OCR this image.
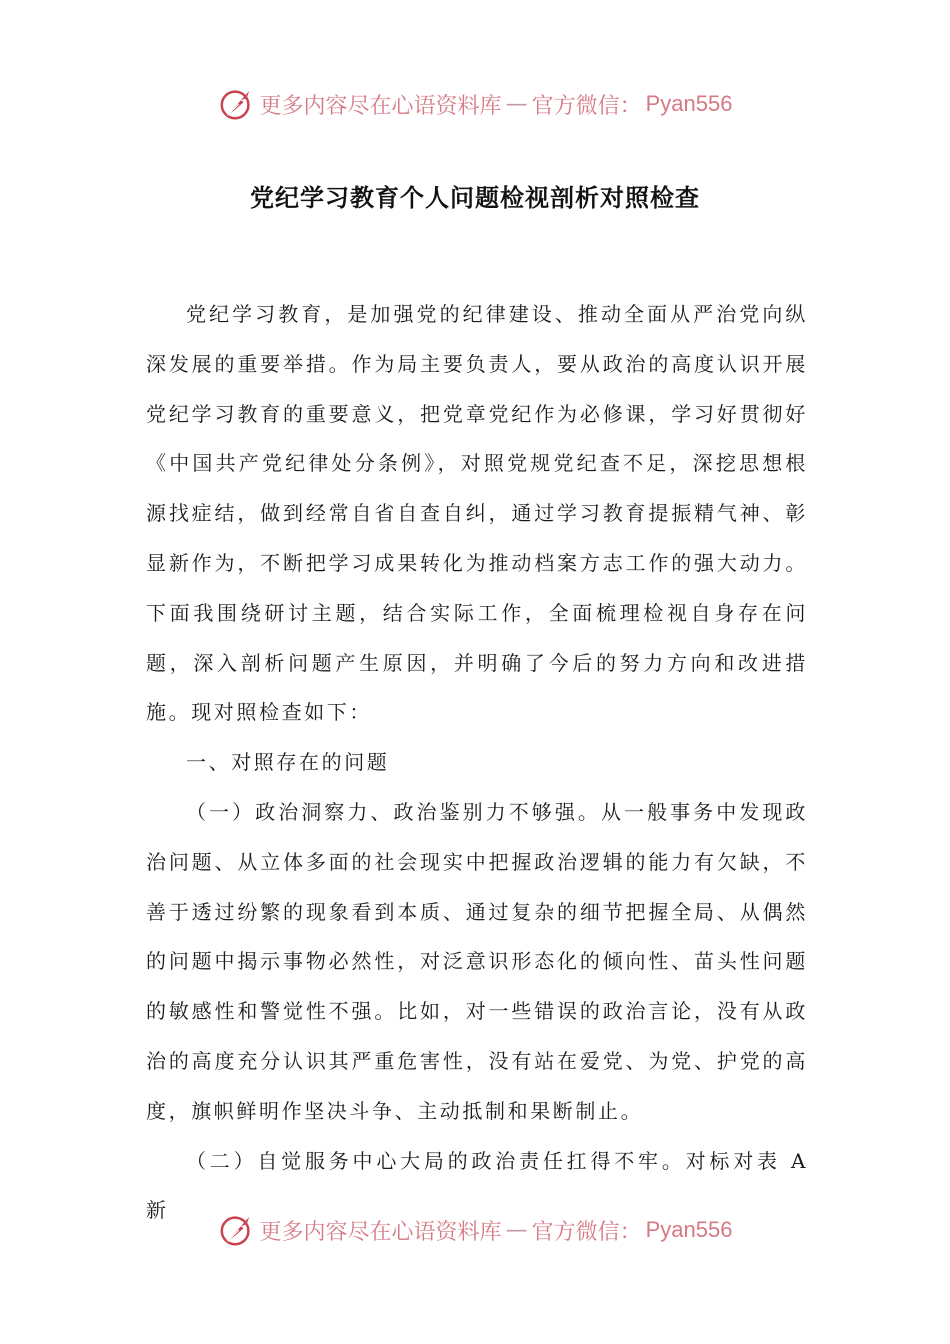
更多内容尽在心语资料库 — 官方微信： Pyan556
党纪学习教育个人问题检视剖析对照检查

党纪学习教育，是加强党的纪律建设、推动全面从严治党向纵深发展的重要举措。作为局主要负责人，要从政治的高度认识开展党纪学习教育的重要意义，把党章党纪作为必修课，学习好贯彻好《中国共产党纪律处分条例》，对照党规党纪查不足，深挖思想根源找症结，做到经常自省自查自纠，通过学习教育提振精气神、彰显新作为，不断把学习成果转化为推动档案方志工作的强大动力。下面我围绕研讨主题，结合实际工作，全面梳理检视自身存在问题，深入剖析问题产生原因，并明确了今后的努力方向和改进措施。现对照检查如下：

一、对照存在的问题

（一）政治洞察力、政治鉴别力不够强。从一般事务中发现政治问题、从立体多面的社会现实中把握政治逻辑的能力有欠缺，不善于透过纷繁的现象看到本质、通过复杂的细节把握全局、从偶然的问题中揭示事物必然性，对泛意识形态化的倾向性、苗头性问题的敏感性和警觉性不强。比如，对一些错误的政治言论，没有从政治的高度充分认识其严重危害性，没有站在爱党、为党、护党的高度，旗帜鲜明作坚决斗争、主动抵制和果断制止。

（二）自觉服务中心大局的政治责任扛得不牢。对标对表 A 新

更多内容尽在心语资料库 — 官方微信： Pyan556
